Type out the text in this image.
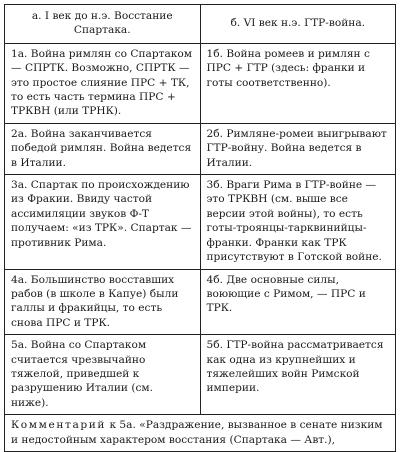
а. I век до н.э. Восстание Спартака.	б. VI век н.э. ГТР-война.
1а. Война римлян со Спартаком — СПРТК. Возможно, СПРТК — это простое слияние ПРС + ТК, то есть часть термина ПРС + ТРКВН (или ТРНК).	1б. Война ромеев и римлян с ПРС + ГТР (здесь: франки и готы соответственно).
2а. Война заканчивается победой римлян. Война ведется в Италии.	2б. Римляне-ромеи выигрывают ГТР-войну. Война ведется в Италии.
3а. Спартак по происхождению из Фракии. Ввиду частой ассимиляции звуков Ф-Т получаем: «из ТРК». Спартак — противник Рима.	3б. Враги Рима в ГТР-войне — это ТРКВН (см. выше все версии этой войны), то есть готы-троянцы-тарквинийцы-франки. Франки как ТРК присутствуют в Готской войне.
4а. Большинство восставших рабов (в школе в Капуе) были галлы и фракийцы, то есть снова ПРС и ТРК.	4б. Две основные силы, воюющие с Римом, — ПРС и ТРК.
5а. Война со Спартаком считается чрезвычайно тяжелой, приведшей к разрушению Италии (см. ниже).	5б. ГТР-война рассматривается как одна из крупнейших и тяжелейших войн Римской империи.
Комментарий к 5а. «Раздражение, вызванное в сенате низким и недостойным характером восстания (Спартака — Авт.),	
